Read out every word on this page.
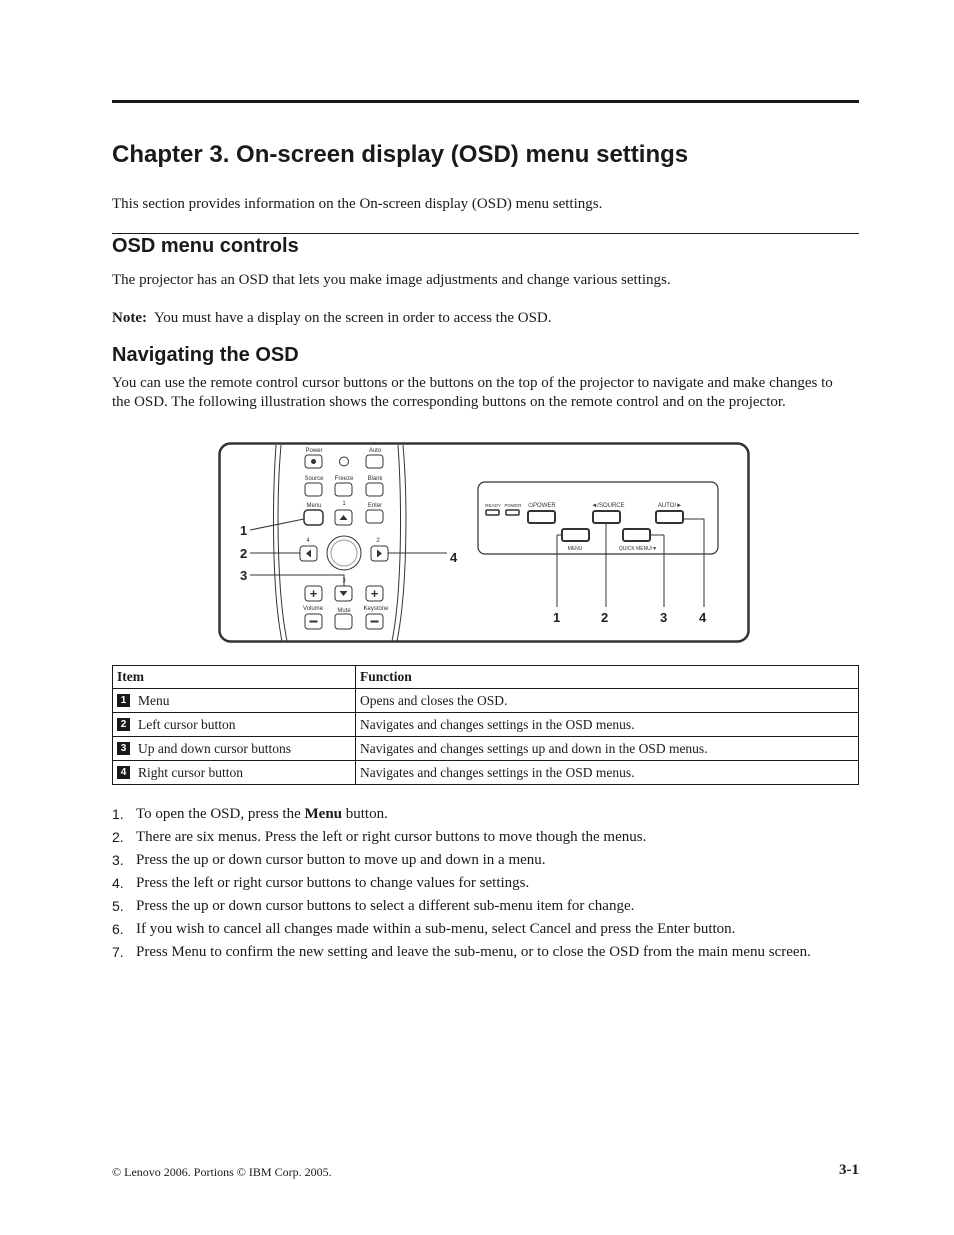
Chapter 3. On-screen display (OSD) menu settings

This section provides information on the On-screen display (OSD) menu settings.

OSD menu controls

The projector has an OSD that lets you make image adjustments and change various settings.

Note: You must have a display on the screen in order to access the OSD.

Navigating the OSD

You can use the remote control cursor buttons or the buttons on the top of the projector to navigate and make changes to the OSD. The following illustration shows the corresponding buttons on the remote control and on the projector.

Power	Auto
Source Freeze Blank
Menu	1	Enter
4	2
3
+	+
Volume Mute Keystone
1
2
3
4
READY POWER ⏻POWER	◄/SOURCE	AUTO/►
MENU	QUICK MENU/▼
1	2	3 4
Item	Function
1 Menu	Opens and closes the OSD.
2 Left cursor button	Navigates and changes settings in the OSD menus.
3 Up and down cursor buttons	Navigates and changes settings up and down in the OSD menus.
4 Right cursor button	Navigates and changes settings in the OSD menus.
1. To open the OSD, press the Menu button.
2. There are six menus. Press the left or right cursor buttons to move though the menus.
3. Press the up or down cursor button to move up and down in a menu.
4. Press the left or right cursor buttons to change values for settings.
5. Press the up or down cursor buttons to select a different sub-menu item for change.
6. If you wish to cancel all changes made within a sub-menu, select Cancel and press the Enter button.
7. Press Menu to confirm the new setting and leave the sub-menu, or to close the OSD from the main menu screen.

© Lenovo 2006. Portions © IBM Corp. 2005.	3-1
